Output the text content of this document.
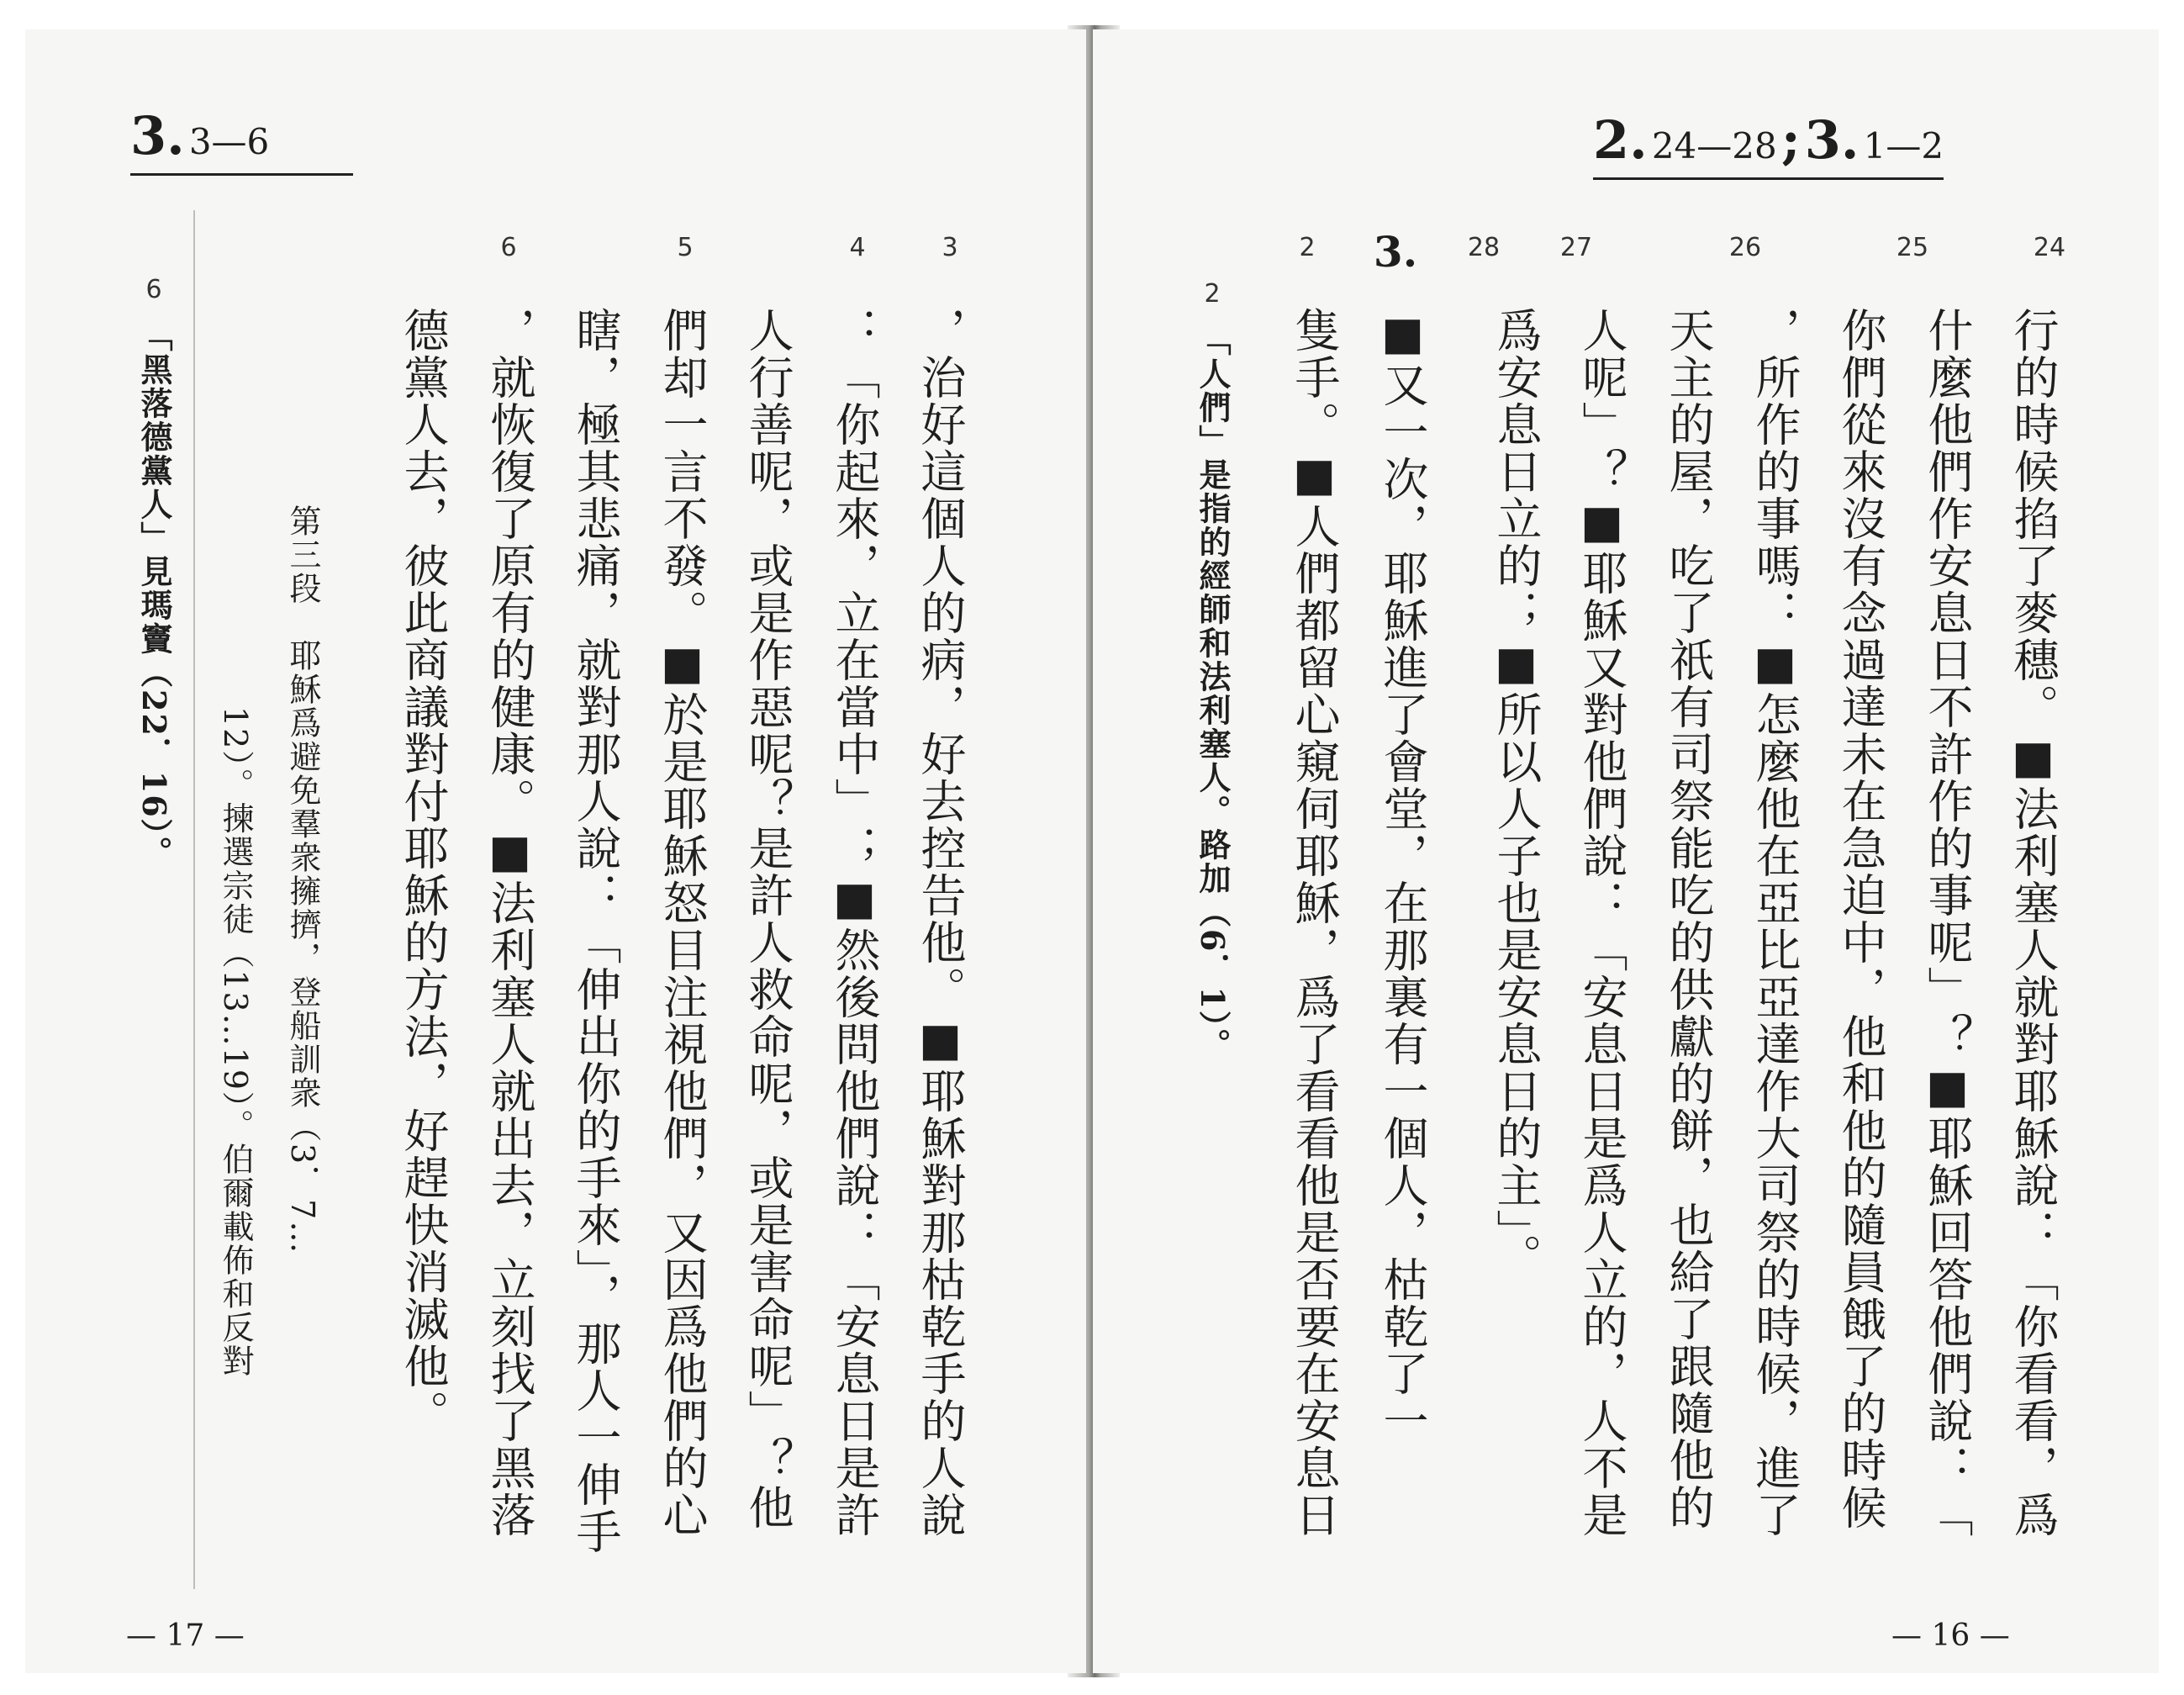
2. 24—28 ; 3. 1—2
24
25
26
27
28
3.
2
行的時候掐了麥穗。■法利塞人就對耶穌說：「你看看，爲
什麼他們作安息日不許作的事呢」？■耶穌回答他們說：「
你們從來沒有念過達未在急迫中，他和他的隨員餓了的時候
，所作的事嗎：■怎麼他在亞比亞達作大司祭的時候，進了
天主的屋，吃了祇有司祭能吃的供獻的餅，也給了跟隨他的
人呢」？■耶穌又對他們說：「安息日是爲人立的，人不是
爲安息日立的；■所以人子也是安息日的主」。
■又一次，耶穌進了會堂，在那裏有一個人，枯乾了一
隻手。■人們都留心窺伺耶穌，爲了看看他是否要在安息日
2
「人們」是指的經師和法利塞人。路加（6．1）。
— 16 —
3. 3—6
3
4
5
6
，治好這個人的病，好去控告他。■耶穌對那枯乾手的人說
：「你起來，立在當中」；■然後問他們說：「安息日是許
人行善呢，或是作惡呢？是許人救命呢，或是害命呢」？他
們却一言不發。■於是耶穌怒目注視他們，又因爲他們的心
瞎，極其悲痛，就對那人說：「伸出你的手來」，那人一伸手
，就恢復了原有的健康。■法利塞人就出去，立刻找了黑落
德黨人去，彼此商議對付耶穌的方法，好趕快消滅他。
第三段　耶穌爲避免羣衆擁擠，登船訓衆（3．7…
12）。揀選宗徒（13…19）。伯爾載佈和反對
6
「黑落德黨人」見瑪竇（22．16）。
— 17 —
